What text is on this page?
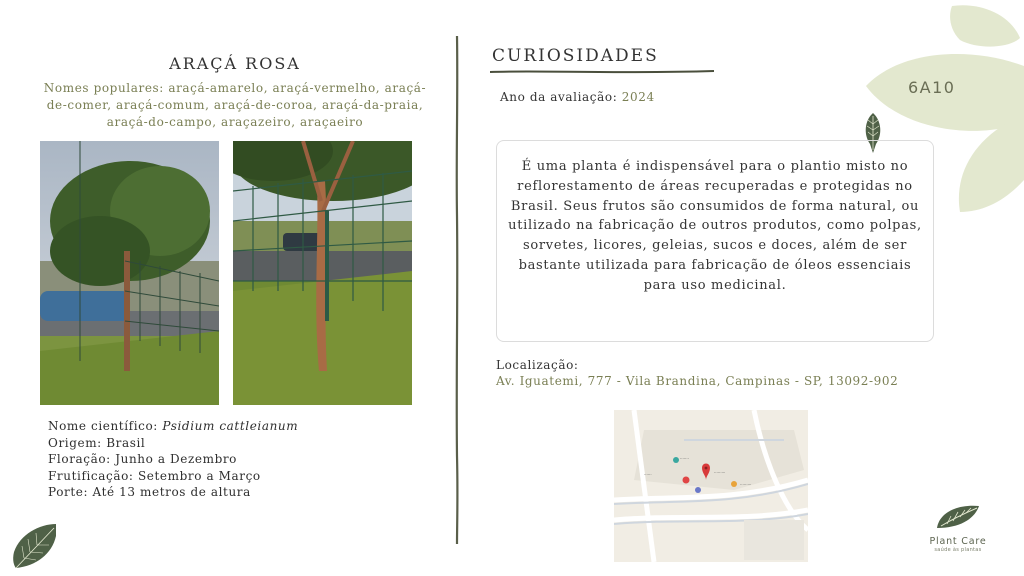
ARAÇÁ ROSA
Nomes populares: araçá-amarelo, araçá-vermelho, araçá-de-comer, araçá-comum, araçá-de-coroa, araçá-da-praia, araçá-do-campo, araçazeiro, araçaeiro
Nome científico: Psidium cattleianum
Origem: Brasil
Floração: Junho a Dezembro
Frutificação: Setembro a Março
Porte: Até 13 metros de altura
CURIOSIDADES
Ano da avaliação: 2024	6A10
É uma planta é indispensável para o plantio misto no reflorestamento de áreas recuperadas e protegidas no Brasil. Seus frutos são consumidos de forma natural, ou utilizado na fabricação de outros produtos, como polpas, sorvetes, licores, geleias, sucos e doces, além de ser bastante utilizada para fabricação de óleos essenciais para uso medicinal.
Localização:
Av. Iguatemi, 777 - Vila Brandina, Campinas - SP, 13092-902
·······
······	·········
·········
Plant Care
saúde às plantas
